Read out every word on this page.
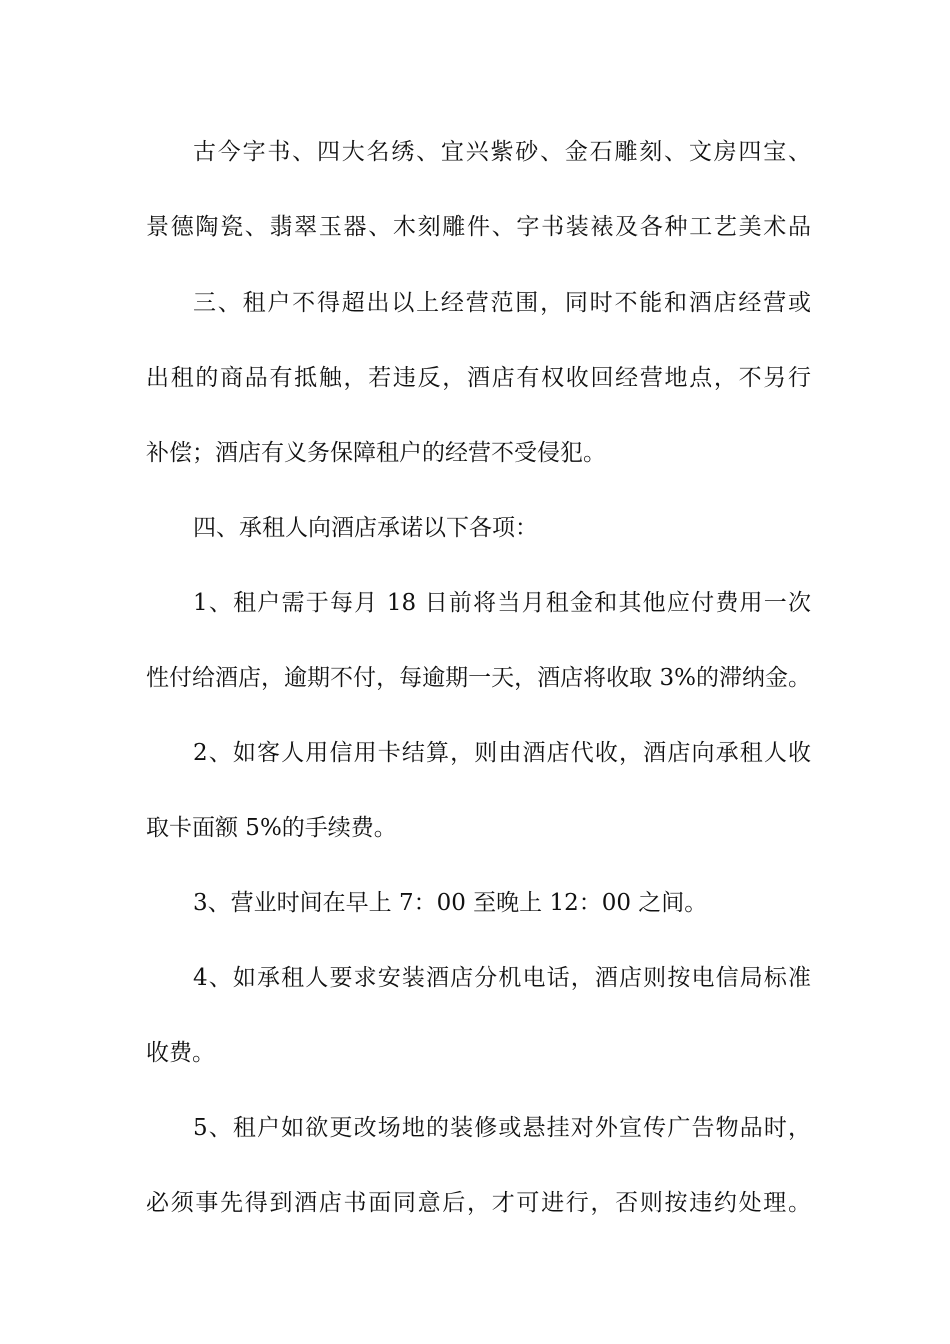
古今字书、四大名绣、宜兴紫砂、金石雕刻、文房四宝、
景德陶瓷、翡翠玉器、木刻雕件、字书装裱及各种工艺美术品
三、租户不得超出以上经营范围，同时不能和酒店经营或
出租的商品有抵触，若违反，酒店有权收回经营地点，不另行
补偿；酒店有义务保障租户的经营不受侵犯。
四、承租人向酒店承诺以下各项：
1、租户需于每月 18 日前将当月租金和其他应付费用一次
性付给酒店，逾期不付，每逾期一天，酒店将收取 3%的滞纳金。
2、如客人用信用卡结算，则由酒店代收，酒店向承租人收
取卡面额 5%的手续费。
3、营业时间在早上 7：00 至晚上 12：00 之间。
4、如承租人要求安装酒店分机电话，酒店则按电信局标准
收费。
5、租户如欲更改场地的装修或悬挂对外宣传广告物品时，
必须事先得到酒店书面同意后，才可进行，否则按违约处理。
